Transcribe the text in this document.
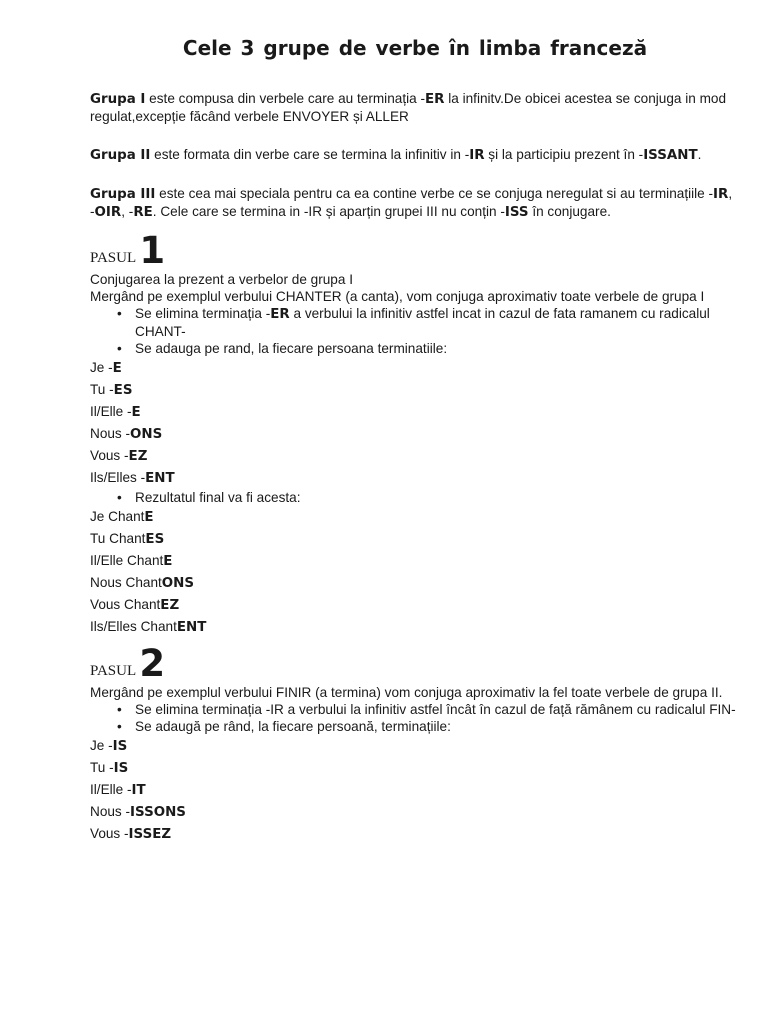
Cele 3 grupe de verbe în limba franceză

Grupa I este compusa din verbele care au terminația -ER la infinitv.De obicei acestea se conjuga in mod regulat,excepție făcând verbele ENVOYER și ALLER

Grupa II este formata din verbe care se termina la infinitiv in -IR și la participiu prezent în -ISSANT.

Grupa III este cea mai speciala pentru ca ea contine verbe ce se conjuga neregulat si au terminațiile -IR, -OIR, -RE. Cele care se termina in -IR și aparțin grupei III nu conțin -ISS în conjugare.

PASUL 1

Conjugarea la prezent a verbelor de grupa I

Mergând pe exemplul verbului CHANTER (a canta), vom conjuga aproximativ toate verbele de grupa I

• Se elimina terminația -ER a verbului la infinitiv astfel incat in cazul de fata ramanem cu radicalul CHANT-
• Se adauga pe rand, la fiecare persoana terminatiile:
Je -E
Tu -ES
Il/Elle -E
Nous -ONS
Vous -EZ
Ils/Elles -ENT
• Rezultatul final va fi acesta:
Je ChantE
Tu ChantES
Il/Elle ChantE
Nous ChantONS
Vous ChantEZ
Ils/Elles ChantENT
PASUL 2

Mergând pe exemplul verbului FINIR (a termina) vom conjuga aproximativ la fel toate verbele de grupa II.

• Se elimina terminația -IR a verbului la infinitiv astfel încât în cazul de față rămânem cu radicalul FIN-
• Se adaugă pe rând, la fiecare persoană, terminațiile:
Je -IS
Tu -IS
Il/Elle -IT
Nous -ISSONS
Vous -ISSEZ
